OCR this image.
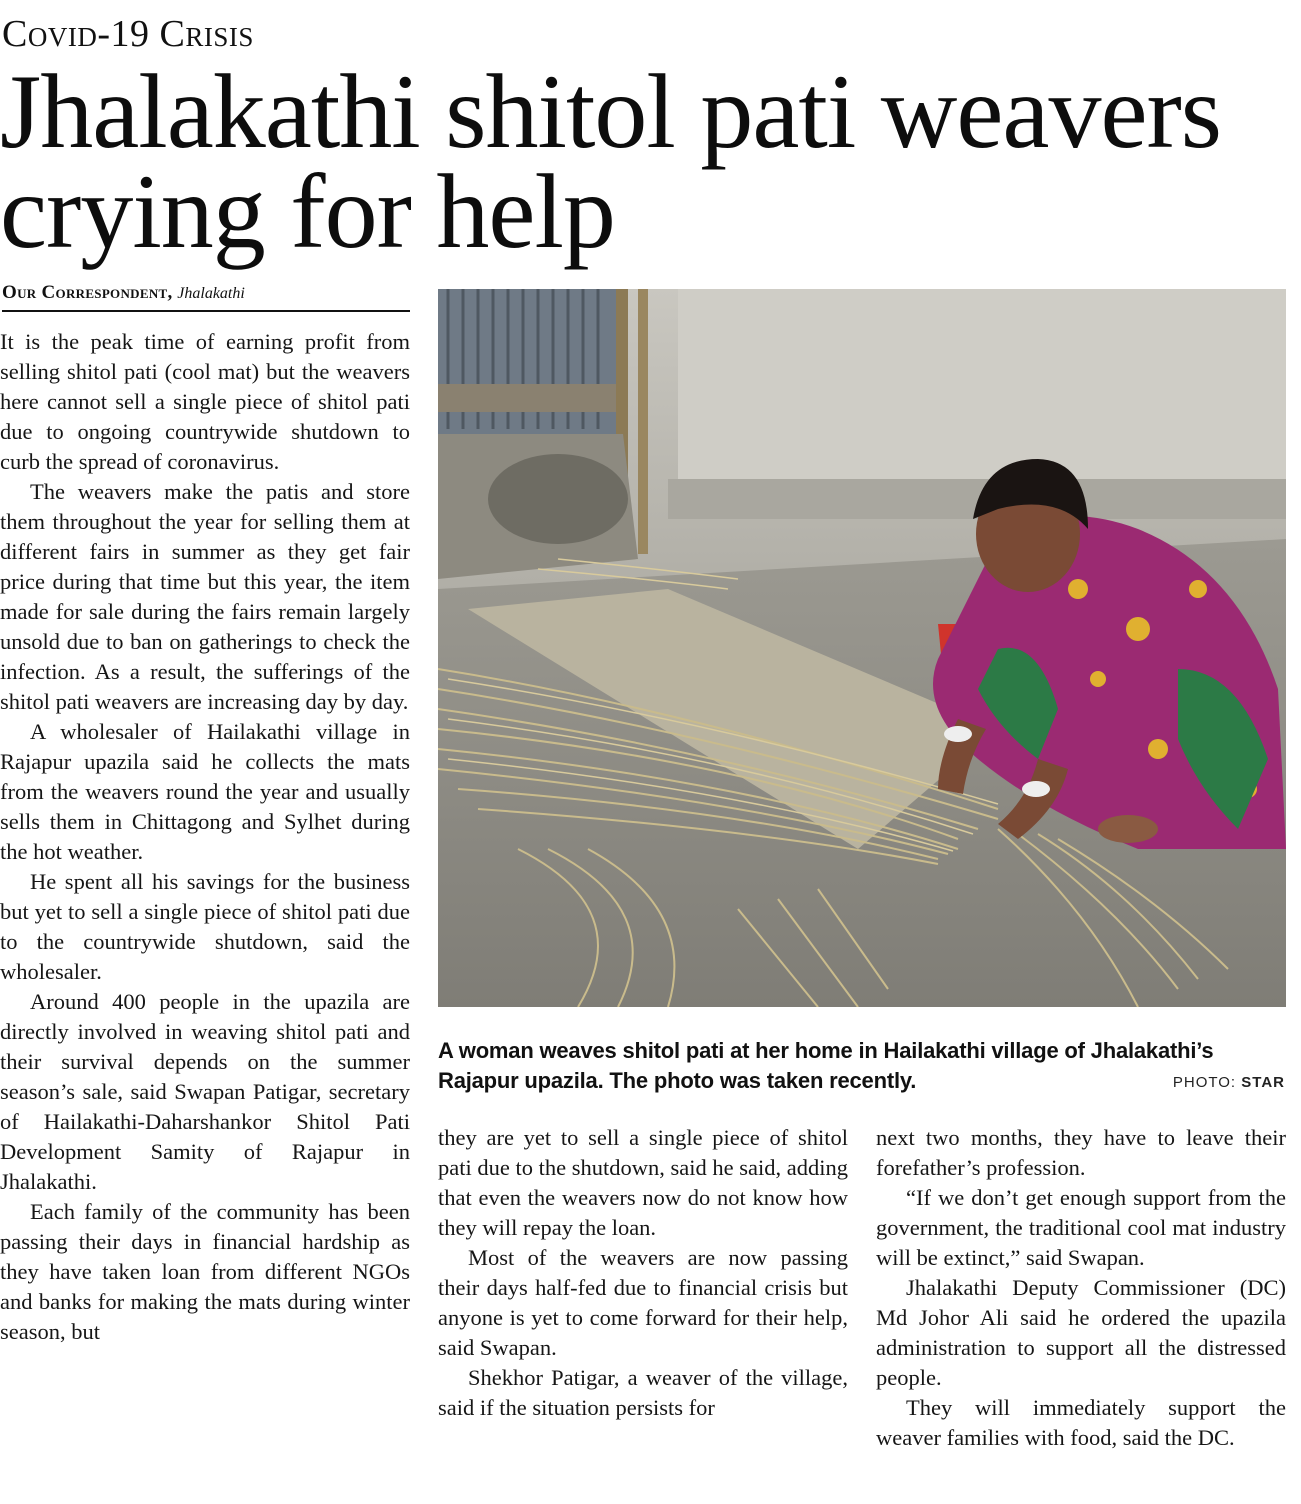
Covid-19 Crisis
Jhalakathi shitol pati weavers crying for help
Our Correspondent, Jhalakathi

It is the peak time of earning profit from selling shitol pati (cool mat) but the weavers here cannot sell a single piece of shitol pati due to ongoing countrywide shutdown to curb the spread of coronavirus.

The weavers make the patis and store them throughout the year for selling them at different fairs in summer as they get fair price during that time but this year, the item made for sale during the fairs remain largely unsold due to ban on gatherings to check the infection. As a result, the sufferings of the shitol pati weavers are increasing day by day.

A wholesaler of Hailakathi village in Rajapur upazila said he collects the mats from the weavers round the year and usually sells them in Chittagong and Sylhet during the hot weather.

He spent all his savings for the business but yet to sell a single piece of shitol pati due to the countrywide shutdown, said the wholesaler.

Around 400 people in the upazila are directly involved in weaving shitol pati and their survival depends on the summer season’s sale, said Swapan Patigar, secretary of Hailakathi-Daharshankor Shitol Pati Development Samity of Rajapur in Jhalakathi.

Each family of the community has been passing their days in financial hardship as they have taken loan from different NGOs and banks for making the mats during winter season, but

A woman weaves shitol pati at her home in Hailakathi village of Jhalakathi’s Rajapur upazila. The photo was taken recently.	PHOTO: STAR

they are yet to sell a single piece of shitol pati due to the shutdown, said he said, adding that even the weavers now do not know how they will repay the loan.

Most of the weavers are now passing their days half-fed due to financial crisis but anyone is yet to come forward for their help, said Swapan.

Shekhor Patigar, a weaver of the village, said if the situation persists for

next two months, they have to leave their forefather’s profession.

“If we don’t get enough support from the government, the traditional cool mat industry will be extinct,” said Swapan.

Jhalakathi Deputy Commissioner (DC) Md Johor Ali said he ordered the upazila administration to support all the distressed people.

They will immediately support the weaver families with food, said the DC.
